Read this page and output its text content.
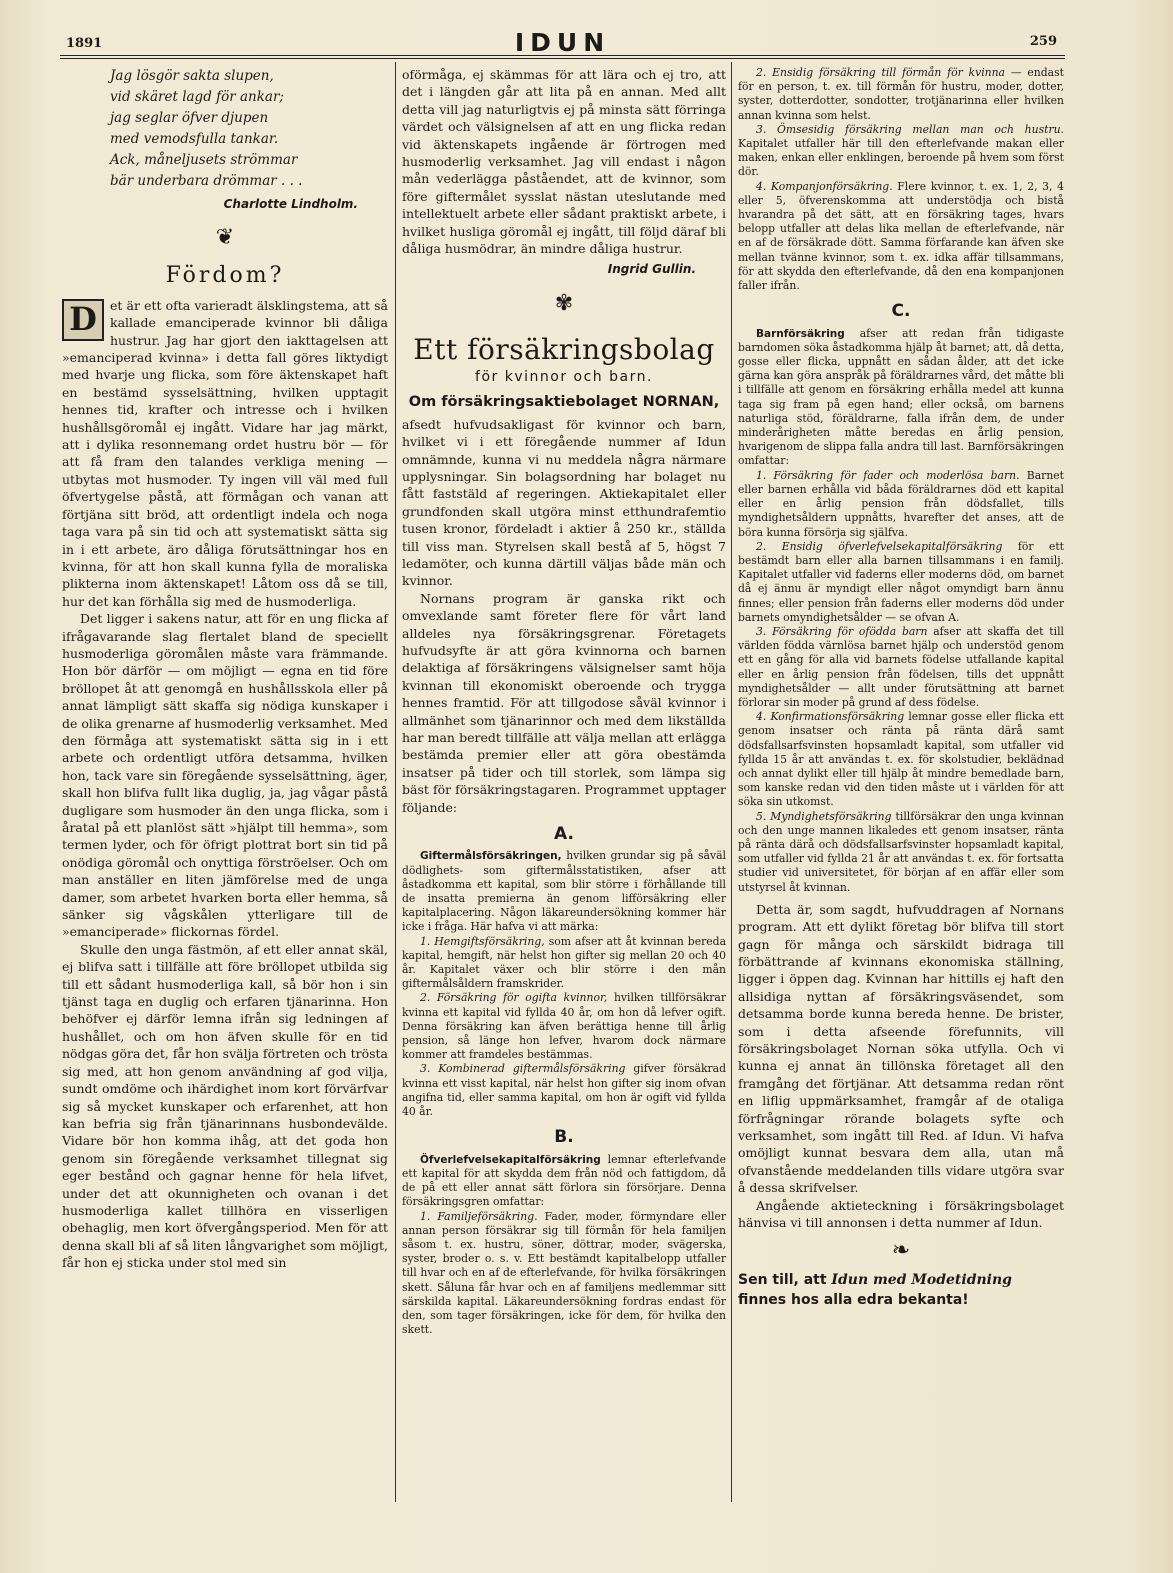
1891	IDUN	259
Jag lösgör sakta slupen,
vid skäret lagd för ankar;
jag seglar öfver djupen
med vemodsfulla tankar.
Ack, måneljusets strömmar
bär underbara drömmar . . .
Charlotte Lindholm.
❦
Fördom?

D	et är ett ofta varieradt älsklingstema, att så kallade emanciperade kvinnor bli dåliga hustrur. Jag har gjort den iakttagelsen att »emanciperad kvinna» i detta fall göres liktydigt med hvarje ung flicka, som före äktenskapet haft en bestämd sysselsättning, hvilken upptagit hennes tid, krafter och intresse och i hvilken hushållsgöromål ej ingått. Vidare har jag märkt, att i dylika resonnemang ordet hustru bör — för att få fram den talandes verkliga mening — utbytas mot husmoder. Ty ingen vill väl med full öfvertygelse påstå, att förmågan och vanan att förtjäna sitt bröd, att ordentligt indela och noga taga vara på sin tid och att systematiskt sätta sig in i ett arbete, äro dåliga förutsättningar hos en kvinna, för att hon skall kunna fylla de moraliska plikterna inom äktenskapet! Låtom oss då se till, hur det kan förhålla sig med de husmoderliga.

Det ligger i sakens natur, att för en ung flicka af ifrågavarande slag flertalet bland de speciellt husmoderliga göromålen måste vara främmande. Hon bör därför — om möjligt — egna en tid före bröllopet åt att genomgå en hushållsskola eller på annat lämpligt sätt skaffa sig nödiga kunskaper i de olika grenarne af husmoderlig verksamhet. Med den förmåga att systematiskt sätta sig in i ett arbete och ordentligt utföra detsamma, hvilken hon, tack vare sin föregående sysselsättning, äger, skall hon blifva fullt lika duglig, ja, jag vågar påstå dugligare som husmoder än den unga flicka, som i åratal på ett planlöst sätt »hjälpt till hemma», som termen lyder, och för öfrigt plottrat bort sin tid på onödiga göromål och onyttiga förströelser. Och om man anställer en liten jämförelse med de unga damer, som arbetet hvarken borta eller hemma, så sänker sig vågskålen ytterligare till de »emanciperade» flickornas fördel.

Skulle den unga fästmön, af ett eller annat skäl, ej blifva satt i tillfälle att före bröllopet utbilda sig till ett sådant husmoderliga kall, så bör hon i sin tjänst taga en duglig och erfaren tjänarinna. Hon behöfver ej därför lemna ifrån sig ledningen af hushållet, och om hon äfven skulle för en tid nödgas göra det, får hon svälja förtreten och trösta sig med, att hon genom användning af god vilja, sundt omdöme och ihärdighet inom kort förvärfvar sig så mycket kunskaper och erfarenhet, att hon kan befria sig från tjänarinnans husbondevälde. Vidare bör hon komma ihåg, att det goda hon genom sin föregående verksamhet tillegnat sig eger bestånd och gagnar henne för hela lifvet, under det att okunnigheten och ovanan i det husmoderliga kallet tillhöra en visserligen obehaglig, men kort öfvergångsperiod. Men för att denna skall bli af så liten långvarighet som möjligt, får hon ej sticka under stol med sin

oförmåga, ej skämmas för att lära och ej tro, att det i längden går att lita på en annan. Med allt detta vill jag naturligtvis ej på minsta sätt förringa värdet och välsignelsen af att en ung flicka redan vid äktenskapets ingående är förtrogen med husmoderlig verksamhet. Jag vill endast i någon mån vederlägga påståendet, att de kvinnor, som före giftermålet sysslat nästan uteslutande med intellektuelt arbete eller sådant praktiskt arbete, i hvilket husliga göromål ej ingått, till följd däraf bli dåliga husmödrar, än mindre dåliga hustrur.

Ingrid Gullin.
✾
Ett försäkringsbolag
för kvinnor och barn.
Om försäkringsaktiebolaget NORNAN,

afsedt hufvudsakligast för kvinnor och barn, hvilket vi i ett föregående nummer af Idun omnämnde, kunna vi nu meddela några närmare upplysningar. Sin bolagsordning har bolaget nu fått faststäld af regeringen. Aktiekapitalet eller grundfonden skall utgöra minst etthundrafemtio tusen kronor, fördeladt i aktier å 250 kr., ställda till viss man. Styrelsen skall bestå af 5, högst 7 ledamöter, och kunna därtill väljas både män och kvinnor.

Nornans program är ganska rikt och omvexlande samt företer flere för vårt land alldeles nya försäkringsgrenar. Företagets hufvudsyfte är att göra kvinnorna och barnen delaktiga af försäkringens välsignelser samt höja kvinnan till ekonomiskt oberoende och trygga hennes framtid. För att tillgodose såväl kvinnor i allmänhet som tjänarinnor och med dem likställda har man beredt tillfälle att välja mellan att erlägga bestämda premier eller att göra obestämda insatser på tider och till storlek, som lämpa sig bäst för försäkringstagaren. Programmet upptager följande:

A.

Giftermålsförsäkringen, hvilken grundar sig på såväl dödlighets- som giftermålsstatistiken, afser att åstadkomma ett kapital, som blir större i förhållande till de insatta premierna än genom lifförsäkring eller kapitalplacering. Någon läkareundersökning kommer här icke i fråga. Här hafva vi att märka:

1. Hemgiftsförsäkring, som afser att åt kvinnan bereda kapital, hemgift, när helst hon gifter sig mellan 20 och 40 år. Kapitalet växer och blir större i den mån giftermålsåldern framskrider.

2. Försäkring för ogifta kvinnor, hvilken tillförsäkrar kvinna ett kapital vid fyllda 40 år, om hon då lefver ogift. Denna försäkring kan äfven berättiga henne till årlig pension, så länge hon lefver, hvarom dock närmare kommer att framdeles bestämmas.

3. Kombinerad giftermålsförsäkring gifver försäkrad kvinna ett visst kapital, när helst hon gifter sig inom ofvan angifna tid, eller samma kapital, om hon är ogift vid fyllda 40 år.

B.

Öfverlefvelsekapitalförsäkring lemnar efterlefvande ett kapital för att skydda dem från nöd och fattigdom, då de på ett eller annat sätt förlora sin försörjare. Denna försäkringsgren omfattar:

1. Familjeförsäkring. Fader, moder, förmyndare eller annan person försäkrar sig till förmån för hela familjen såsom t. ex. hustru, söner, döttrar, moder, svägerska, syster, broder o. s. v. Ett bestämdt kapitalbelopp utfaller till hvar och en af de efterlefvande, för hvilka försäkringen skett. Såluna får hvar och en af familjens medlemmar sitt särskilda kapital. Läkareundersökning fordras endast för den, som tager försäkringen, icke för dem, för hvilka den skett.

2. Ensidig försäkring till förmån för kvinna — endast för en person, t. ex. till förmån för hustru, moder, dotter, syster, dotterdotter, sondotter, trotjänarinna eller hvilken annan kvinna som helst.

3. Ömsesidig försäkring mellan man och hustru. Kapitalet utfaller här till den efterlefvande makan eller maken, enkan eller enklingen, beroende på hvem som först dör.

4. Kompanjonförsäkring. Flere kvinnor, t. ex. 1, 2, 3, 4 eller 5, öfverenskomma att understödja och bistå hvarandra på det sätt, att en försäkring tages, hvars belopp utfaller att delas lika mellan de efterlefvande, när en af de försäkrade dött. Samma förfarande kan äfven ske mellan tvänne kvinnor, som t. ex. idka affär tillsammans, för att skydda den efterlefvande, då den ena kompanjonen faller ifrån.

C.

Barnförsäkring afser att redan från tidigaste barndomen söka åstadkomma hjälp åt barnet; att, då detta, gosse eller flicka, uppnått en sådan ålder, att det icke gärna kan göra anspråk på föräldrarnes vård, det måtte bli i tillfälle att genom en försäkring erhålla medel att kunna taga sig fram på egen hand; eller också, om barnens naturliga stöd, föräldrarne, falla ifrån dem, de under minderårigheten måtte beredas en årlig pension, hvarigenom de slippa falla andra till last. Barnförsäkringen omfattar:

1. Försäkring för fader och moderlösa barn. Barnet eller barnen erhålla vid båda föräldrarnes död ett kapital eller en årlig pension från dödsfallet, tills myndighetsåldern uppnåtts, hvarefter det anses, att de böra kunna försörja sig själfva.

2. Ensidig öfverlefvelsekapitalförsäkring för ett bestämdt barn eller alla barnen tillsammans i en familj. Kapitalet utfaller vid faderns eller moderns död, om barnet då ej ännu är myndigt eller något omyndigt barn ännu finnes; eller pension från faderns eller moderns död under barnets omyndighetsålder — se ofvan A.

3. Försäkring för ofödda barn afser att skaffa det till världen födda värnlösa barnet hjälp och understöd genom ett en gång för alla vid barnets födelse utfallande kapital eller en årlig pension från födelsen, tills det uppnått myndighetsålder — allt under förutsättning att barnet förlorar sin moder på grund af dess födelse.

4. Konfirmationsförsäkring lemnar gosse eller flicka ett genom insatser och ränta på ränta därå samt dödsfallsarfsvinsten hopsamladt kapital, som utfaller vid fyllda 15 år att användas t. ex. för skolstudier, beklädnad och annat dylikt eller till hjälp åt mindre bemedlade barn, som kanske redan vid den tiden måste ut i världen för att söka sin utkomst.

5. Myndighetsförsäkring tillförsäkrar den unga kvinnan och den unge mannen likaledes ett genom insatser, ränta på ränta därå och dödsfallsarfsvinster hopsamladt kapital, som utfaller vid fyllda 21 år att användas t. ex. för fortsatta studier vid universitetet, för början af en affär eller som utstyrsel åt kvinnan.

Detta är, som sagdt, hufvuddragen af Nornans program. Att ett dylikt företag bör blifva till stort gagn för många och särskildt bidraga till förbättrande af kvinnans ekonomiska ställning, ligger i öppen dag. Kvinnan har hittills ej haft den allsidiga nyttan af försäkringsväsendet, som detsamma borde kunna bereda henne. De brister, som i detta afseende förefunnits, vill försäkringsbolaget Nornan söka utfylla. Och vi kunna ej annat än tillönska företaget all den framgång det förtjänar. Att detsamma redan rönt en liflig uppmärksamhet, framgår af de otaliga förfrågningar rörande bolagets syfte och verksamhet, som ingått till Red. af Idun. Vi hafva omöjligt kunnat besvara dem alla, utan må ofvanstående meddelanden tills vidare utgöra svar å dessa skrifvelser.

Angående aktieteckning i försäkringsbolaget hänvisa vi till annonsen i detta nummer af Idun.

❧
Sen till, att Idun med Modetidning
finnes hos alla edra bekanta!
